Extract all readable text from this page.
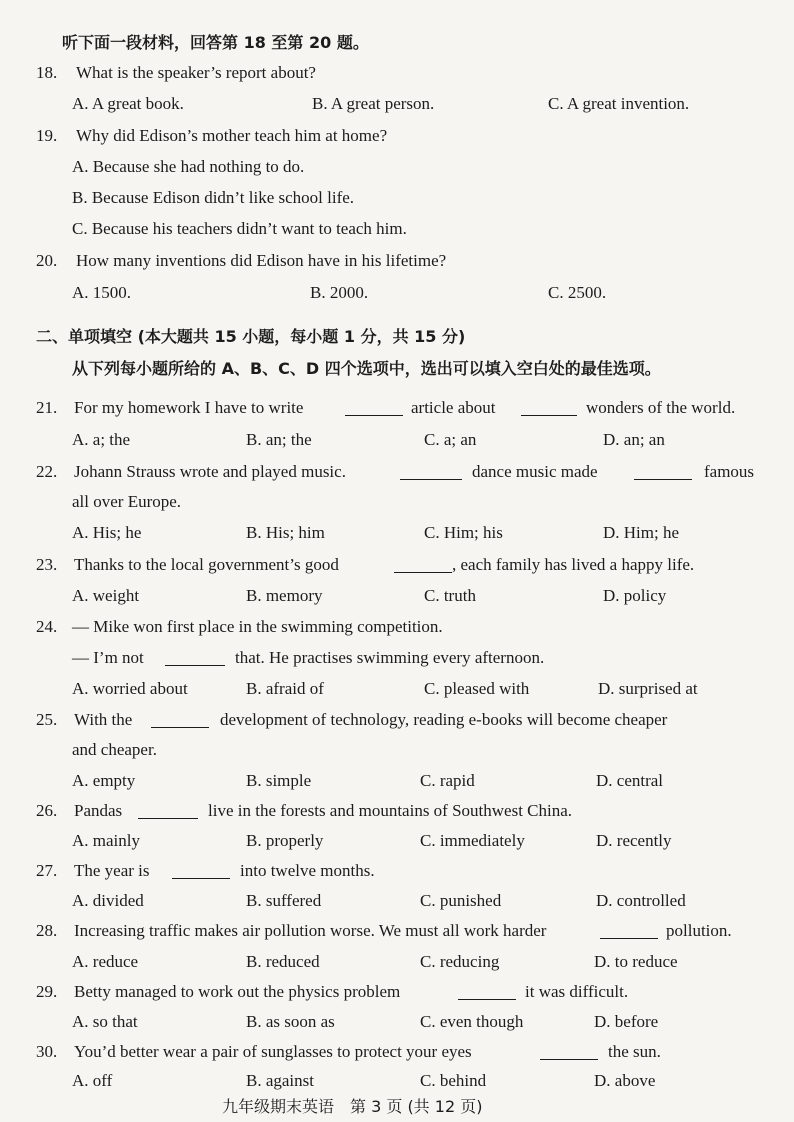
听下面一段材料，回答第 18 至第 20 题。
18. What is the speaker’s report about?
A. A great book.	B. A great person.	C. A great invention.
19. Why did Edison’s mother teach him at home?
A. Because she had nothing to do.
B. Because Edison didn’t like school life.
C. Because his teachers didn’t want to teach him.
20. How many inventions did Edison have in his lifetime?
A. 1500.	B. 2000.	C. 2500.
二、单项填空 (本大题共 15 小题，每小题 1 分，共 15 分)
从下列每小题所给的 A、B、C、D 四个选项中，选出可以填入空白处的最佳选项。
21. For my homework I have to write	article about	wonders of the world.
A. a; the	B. an; the	C. a; an	D. an; an
22. Johann Strauss wrote and played music.	dance music made	famous
all over Europe.
A. His; he	B. His; him	C. Him; his	D. Him; he
23. Thanks to the local government’s good	, each family has lived a happy life.
A. weight	B. memory	C. truth	D. policy
24. — Mike won first place in the swimming competition.
— I’m not	that. He practises swimming every afternoon.
A. worried about	B. afraid of	C. pleased with	D. surprised at
25. With the	development of technology, reading e-books will become cheaper
and cheaper.
A. empty	B. simple	C. rapid	D. central
26. Pandas	live in the forests and mountains of Southwest China.
A. mainly	B. properly	C. immediately	D. recently
27. The year is	into twelve months.
A. divided	B. suffered	C. punished	D. controlled
28. Increasing traffic makes air pollution worse. We must all work harder	pollution.
A. reduce	B. reduced	C. reducing	D. to reduce
29. Betty managed to work out the physics problem	it was difficult.
A. so that	B. as soon as	C. even though	D. before
30. You’d better wear a pair of sunglasses to protect your eyes	the sun.
A. off	B. against	C. behind	D. above
九年级期末英语　第 3 页 (共 12 页)
